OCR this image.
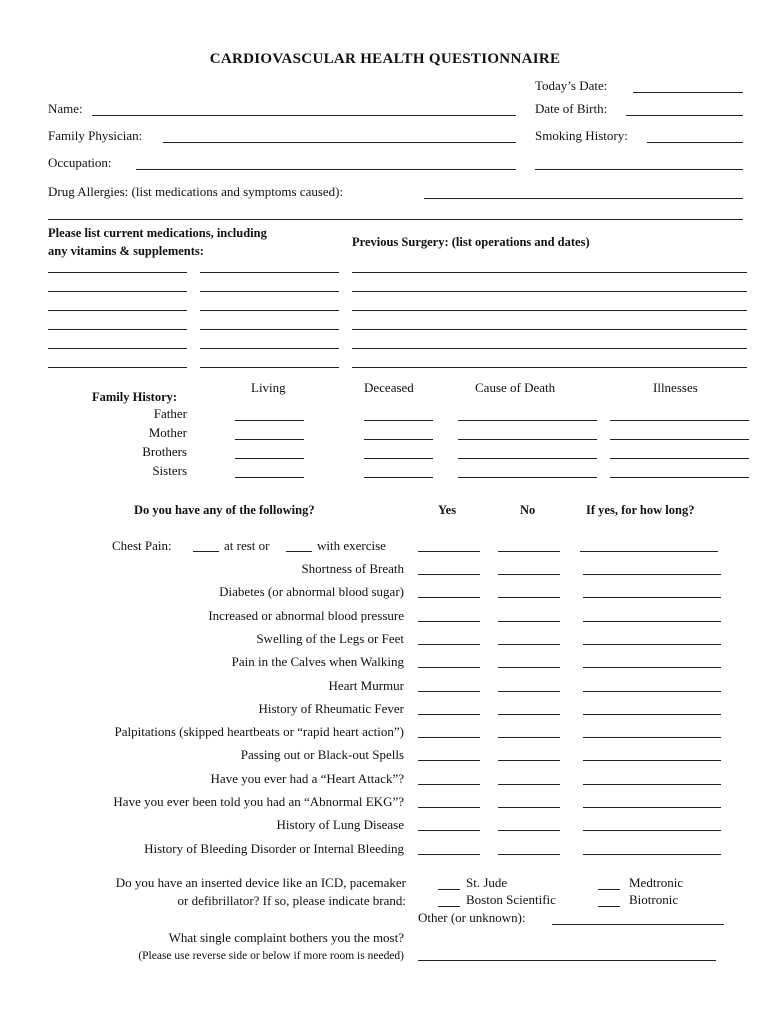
CARDIOVASCULAR HEALTH QUESTIONNAIRE
Today’s Date:
Name:	Date of Birth:
Family Physician:	Smoking History:
Occupation:
Drug Allergies: (list medications and symptoms caused):
Please list current medications, including
any vitamins & supplements:
Previous Surgery: (list operations and dates)
Family History:
Living	Deceased	Cause of Death	Illnesses
Father
Mother
Brothers
Sisters
Do you have any of the following?	Yes	No	If yes, for how long?
Chest Pain:	at rest or	with exercise
Shortness of Breath
Diabetes (or abnormal blood sugar)
Increased or abnormal blood pressure
Swelling of the Legs or Feet
Pain in the Calves when Walking
Heart Murmur
History of Rheumatic Fever
Palpitations (skipped heartbeats or “rapid heart action”)
Passing out or Black-out Spells
Have you ever had a “Heart Attack”?
Have you ever been told you had an “Abnormal EKG”?
History of Lung Disease
History of Bleeding Disorder or Internal Bleeding
Do you have an inserted device like an ICD, pacemaker
or defibrillator? If so, please indicate brand:
St. Jude	Medtronic
Boston Scientific	Biotronic
Other (or unknown):
What single complaint bothers you the most?
(Please use reverse side or below if more room is needed)
